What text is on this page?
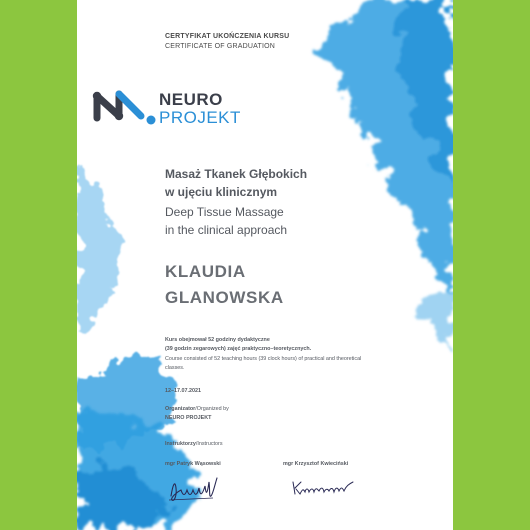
CERTYFIKAT UKOŃCZENIA KURSU
CERTIFICATE OF GRADUATION
NEURO
PROJEKT
Masaż Tkanek Głębokich
w ujęciu klinicznym
Deep Tissue Massage
in the clinical approach
KLAUDIA
GLANOWSKA
Kurs obejmował 52 godziny dydaktyczne
(39 godzin zegarowych) zajęć praktyczno–teoretycznych.
Course consisted of 52 teaching hours (39 clock hours) of practical and theoretical
classes.
12–17.07.2021
Organizator/Organized by
NEURO PROJEKT
Instruktorzy/Instructors
mgr Patryk Wąsowski	mgr Krzysztof Kwieciński
